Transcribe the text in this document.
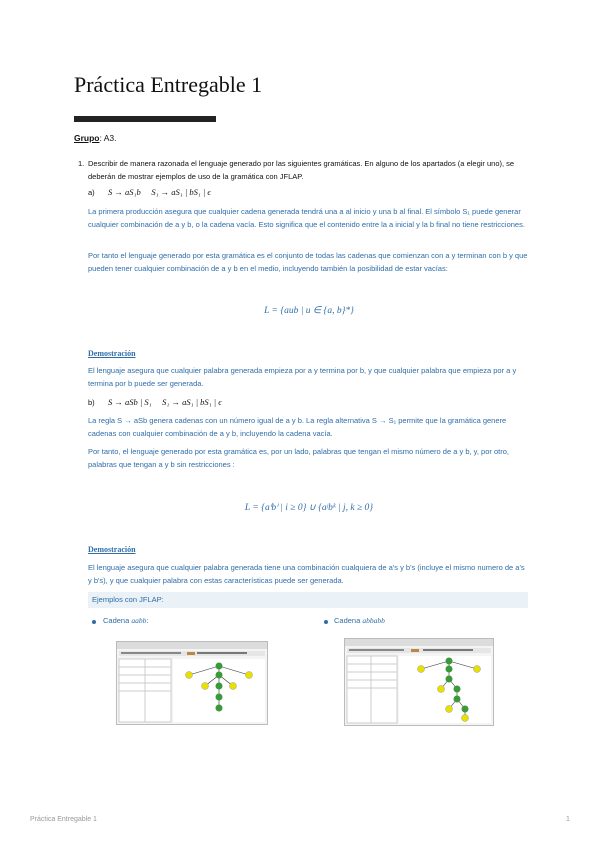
Práctica Entregable 1
Grupo: A3.
1. Describir de manera razonada el lenguaje generado por las siguientes gramáticas. En alguno de los apartados (a elegir uno), se deberán de mostrar ejemplos de uso de la gramática con JFLAP.
a) S → aS₁b     S₁ → aS₁ | bS₁ | ϵ
La primera producción asegura que cualquier cadena generada tendrá una a al inicio y una b al final. El símbolo S₁ puede generar cualquier combinación de a y b, o la cadena vacía. Esto significa que el contenido entre la a inicial y la b final no tiene restricciones.
Por tanto el lenguaje generado por esta gramática es el conjunto de todas las cadenas que comienzan con a y terminan con b y que pueden tener cualquier combinación de a y b en el medio, incluyendo también la posibilidad de estar vacías:
L = {aub | u ∈ {a, b}*}
Demostración
El lenguaje asegura que cualquier palabra generada empieza por a y termina por b, y que cualquier palabra que empieza por a y termina por b puede ser generada.
b) S → aSb | S₁     S₁ → aS₁ | bS₁ | ϵ
La regla S → aSb genera cadenas con un número igual de a y b. La regla alternativa S → S₁ permite que la gramática genere cadenas con cualquier combinación de a y b, incluyendo la cadena vacía.
Por tanto, el lenguaje generado por esta gramática es, por un lado, palabras que tengan el mismo número de a y b, y, por otro, palabras que tengan a y b sin restricciones :
L = {aⁱbⁱ | i ≥ 0} ∪ {aʲbᵏ | j, k ≥ 0}
Demostración
El lenguaje asegura que cualquier palabra generada tiene una combinación cualquiera de a's y b's (incluye el mismo numero de a's y b's), y que cualquier palabra con estas características puede ser generada.
Ejemplos con JFLAP:
Cadena aabb:	Cadena abbabb
Práctica Entregable 1	1
